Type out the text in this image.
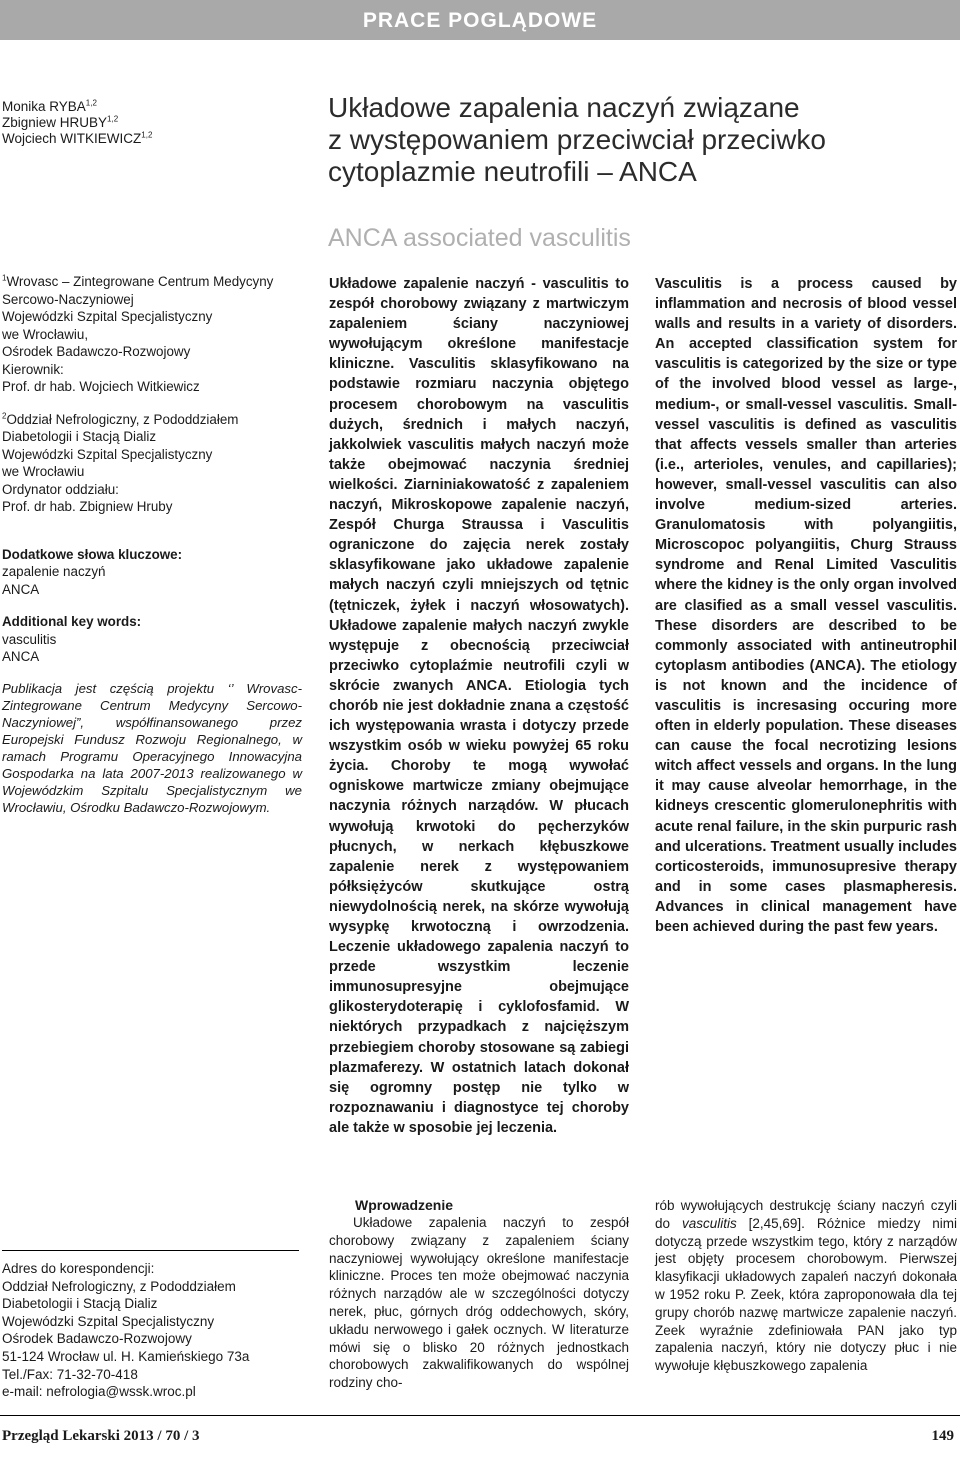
PRACE POGLĄDOWE
Monika RYBA$^{1,2}$
Zbigniew HRUBY$^{1,2}$
Wojciech WITKIEWICZ$^{1,2}$
Układowe zapalenia naczyń związane
z występowaniem przeciwciał przeciwko
cytoplazmie neutrofili – ANCA
ANCA associated vasculitis

$^1$Wrovasc – Zintegrowane Centrum Medycyny

Sercowo-Naczyniowej

Wojewódzki Szpital Specjalistyczny

we Wrocławiu,

Ośrodek Badawczo-Rozwojowy

Kierownik:

Prof. dr hab. Wojciech Witkiewicz

$^2$Oddział Nefrologiczny, z Pododdziałem

Diabetologii i Stacją Dializ

Wojewódzki Szpital Specjalistyczny

we Wrocławiu

Ordynator oddziału:

Prof. dr hab. Zbigniew Hruby

Dodatkowe słowa kluczowe:
zapalenie naczyń
ANCA
Additional key words:
vasculitis
ANCA
Publikacja jest częścią projektu ‘’ Wrovasc- Zintegrowane Centrum Medycyny Sercowo- Naczyniowej”, współfinansowanego przez Europejski Fundusz Rozwoju Regionalnego, w ramach Programu Operacyjnego Innowacyjna Gospodarka na lata 2007-2013 realizowanego w Wojewódzkim Szpitalu Specjalistycznym we Wrocławiu, Ośrodku Badawczo-Rozwojowym.

Układowe zapalenie naczyń - vasculitis to zespół chorobowy związany z martwiczym zapaleniem ściany naczyniowej wywołującym określone manifestacje kliniczne. Vasculitis sklasyfikowano na podstawie rozmiaru naczynia objętego procesem chorobowym na vasculitis dużych, średnich i małych naczyń, jakkolwiek vasculitis małych naczyń może także obejmować naczynia średniej wielkości. Ziarniniakowatość z zapaleniem naczyń, Mikroskopowe zapalenie naczyń, Zespół Churga Straussa i Vasculitis ograniczone do zajęcia nerek zostały sklasyfikowane jako układowe zapalenie małych naczyń czyli mniejszych od tętnic (tętniczek, żyłek i naczyń włosowatych). Układowe zapalenie małych naczyń zwykle występuje z obecnością przeciwciał przeciwko cytoplaźmie neutrofili czyli w skrócie zwanych ANCA. Etiologia tych chorób nie jest dokładnie znana a częstość ich występowania wrasta i dotyczy przede wszystkim osób w wieku powyżej 65 roku życia. Choroby te mogą wywołać ogniskowe martwicze zmiany obejmujące naczynia różnych narządów. W płucach wywołują krwotoki do pęcherzyków płucnych, w nerkach kłębuszkowe zapalenie nerek z występowaniem półksiężyców skutkujące ostrą niewydolnością nerek, na skórze wywołują wysypkę krwotoczną i owrzodzenia. Leczenie układowego zapalenia naczyń to przede wszystkim leczenie immunosupresyjne obejmujące glikosterydoterapię i cyklofosfamid. W niektórych przypadkach z najcięższym przebiegiem choroby stosowane są zabiegi plazmaferezy. W ostatnich latach dokonał się ogromny postęp nie tylko w rozpoznawaniu i diagnostyce tej choroby ale także w sposobie jej leczenia.

Vasculitis is a process caused by inflammation and necrosis of blood vessel walls and results in a variety of disorders. An accepted classification system for vasculitis is categorized by the size or type of the involved blood vessel as large-, medium-, or small-vessel vasculitis. Small-vessel vasculitis is defined as vasculitis that affects vessels smaller than arteries (i.e., arterioles, venules, and capillaries); however, small-vessel vasculitis can also involve medium-sized arteries. Granulomatosis with polyangiitis, Microscopoc polyangiitis, Churg Strauss syndrome and Renal Limited Vasculitis where the kidney is the only organ involved are clasified as a small vessel vasculitis. These disorders are described to be commonly associated with antineutrophil cytoplasm antibodies (ANCA). The etiology is not known and the incidence of vasculitis is incresasing occuring more often in elderly population. These diseases can cause the focal necrotizing lesions witch affect vessels and organs. In the lung it may cause alveolar hemorrhage, in the kidneys crescentic glomerulonephritis with acute renal failure, in the skin purpuric rash and ulcerations. Treatment usually includes corticosteroids, immunosupresive therapy and in some cases plasmapheresis. Advances in clinical management have been achieved during the past few years.

Wprowadzenie

Układowe zapalenia naczyń to zespół chorobowy związany z zapaleniem ściany naczyniowej wywołujący określone manifestacje kliniczne. Proces ten może obejmować naczynia różnych narządów ale w szczególności dotyczy nerek, płuc, górnych dróg oddechowych, skóry, układu nerwowego i gałek ocznych. W literaturze mówi się o blisko 20 różnych jednostkach chorobowych zakwalifikowanych do wspólnej rodziny cho-

rób wywołujących destrukcję ściany naczyń czyli do vasculitis [2,45,69]. Różnice miedzy nimi dotyczą przede wszystkim tego, który z narządów jest objęty procesem chorobowym. Pierwszej klasyfikacji układowych zapaleń naczyń dokonała w 1952 roku P. Zeek, która zaproponowała dla tej grupy chorób nazwę martwicze zapalenie naczyń. Zeek wyraźnie zdefiniowała PAN jako typ zapalenia naczyń, który nie dotyczy płuc i nie wywołuje kłębuszkowego zapalenia

Adres do korespondencji:

Oddział Nefrologiczny, z Pododdziałem

Diabetologii i Stacją Dializ

Wojewódzki Szpital Specjalistyczny

Ośrodek Badawczo-Rozwojowy

51-124 Wrocław ul. H. Kamieńskiego 73a

Tel./Fax: 71-32-70-418

e-mail: nefrologia@wssk.wroc.pl

Przegląd Lekarski 2013 / 70 / 3	149
